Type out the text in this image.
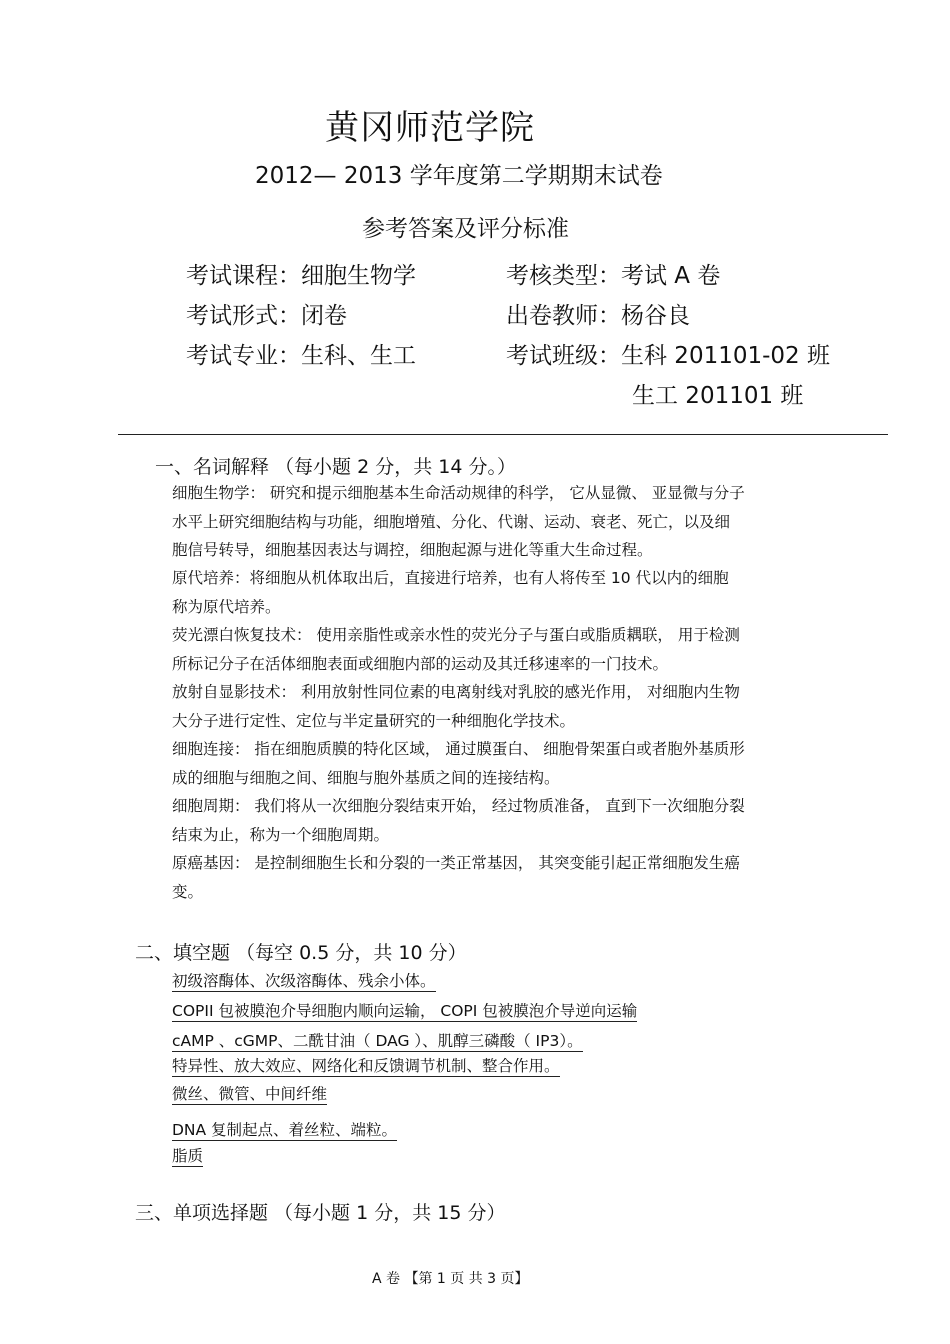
黄冈师范学院
2012— 2013 学年度第二学期期末试卷
参考答案及评分标准
考试课程：细胞生物学	考核类型：考试 A 卷
考试形式：闭卷	出卷教师：杨谷良
考试专业：生科、生工	考试班级：生科 201101-02 班
生工 201101 班
一、名词解释 （每小题 2 分，共 14 分。）
细胞生物学： 研究和提示细胞基本生命活动规律的科学， 它从显微、 亚显微与分子
水平上研究细胞结构与功能，细胞增殖、分化、代谢、运动、衰老、死亡，以及细
胞信号转导，细胞基因表达与调控，细胞起源与进化等重大生命过程。
原代培养：将细胞从机体取出后，直接进行培养，也有人将传至 10 代以内的细胞
称为原代培养。
荧光漂白恢复技术： 使用亲脂性或亲水性的荧光分子与蛋白或脂质耦联， 用于检测
所标记分子在活体细胞表面或细胞内部的运动及其迁移速率的一门技术。
放射自显影技术： 利用放射性同位素的电离射线对乳胶的感光作用， 对细胞内生物
大分子进行定性、定位与半定量研究的一种细胞化学技术。
细胞连接： 指在细胞质膜的特化区域， 通过膜蛋白、 细胞骨架蛋白或者胞外基质形
成的细胞与细胞之间、细胞与胞外基质之间的连接结构。
细胞周期： 我们将从一次细胞分裂结束开始， 经过物质准备， 直到下一次细胞分裂
结束为止，称为一个细胞周期。
原癌基因： 是控制细胞生长和分裂的一类正常基因， 其突变能引起正常细胞发生癌
变。
二、填空题 （每空 0.5 分，共 10 分）
初级溶酶体、次级溶酶体、残余小体。
COPII 包被膜泡介导细胞内顺向运输， COPI 包被膜泡介导逆向运输
cAMP 、cGMP、二酰甘油（ DAG ）、肌醇三磷酸（ IP3）。
特异性、放大效应、网络化和反馈调节机制、整合作用。
微丝、微管、中间纤维
DNA 复制起点、着丝粒、端粒。
脂质
三、单项选择题 （每小题 1 分，共 15 分）
A 卷 【第 1 页 共 3 页】
